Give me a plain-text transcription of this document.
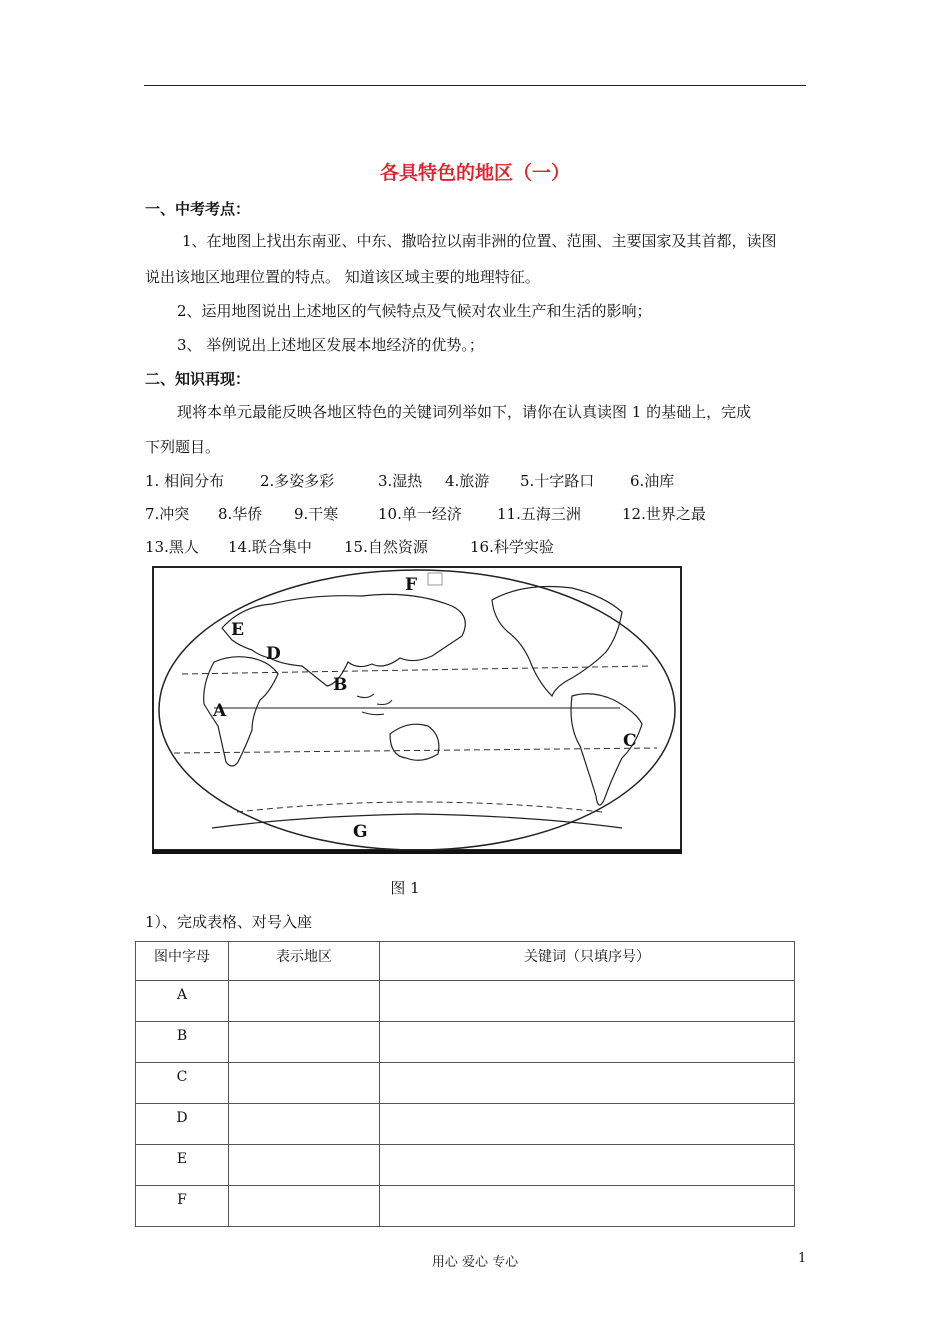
各具特色的地区（一）
一、中考考点：
1、在地图上找出东南亚、中东、撒哈拉以南非洲的位置、范围、主要国家及其首都，读图
说出该地区地理位置的特点。 知道该区域主要的地理特征。
2、运用地图说出上述地区的气候特点及气候对农业生产和生活的影响；
3、 举例说出上述地区发展本地经济的优势。；
二、知识再现：
现将本单元最能反映各地区特色的关键词列举如下，请你在认真读图 1 的基础上，完成
下列题目。
1. 相间分布 2.多姿多彩	3.湿热 4.旅游 5.十字路口 6.油库
7.冲突 8.华侨 9.干寒	10.单一经济 11.五海三洲	12.世界之最
13.黑人 14.联合集中 15.自然资源	16.科学实验
A
B
C
D
E
F
G
图 1
1）、完成表格、对号入座
图中字母	表示地区	关键词（只填序号）
A		
B		
C		
D		
E		
F		
用心 爱心 专心	1
